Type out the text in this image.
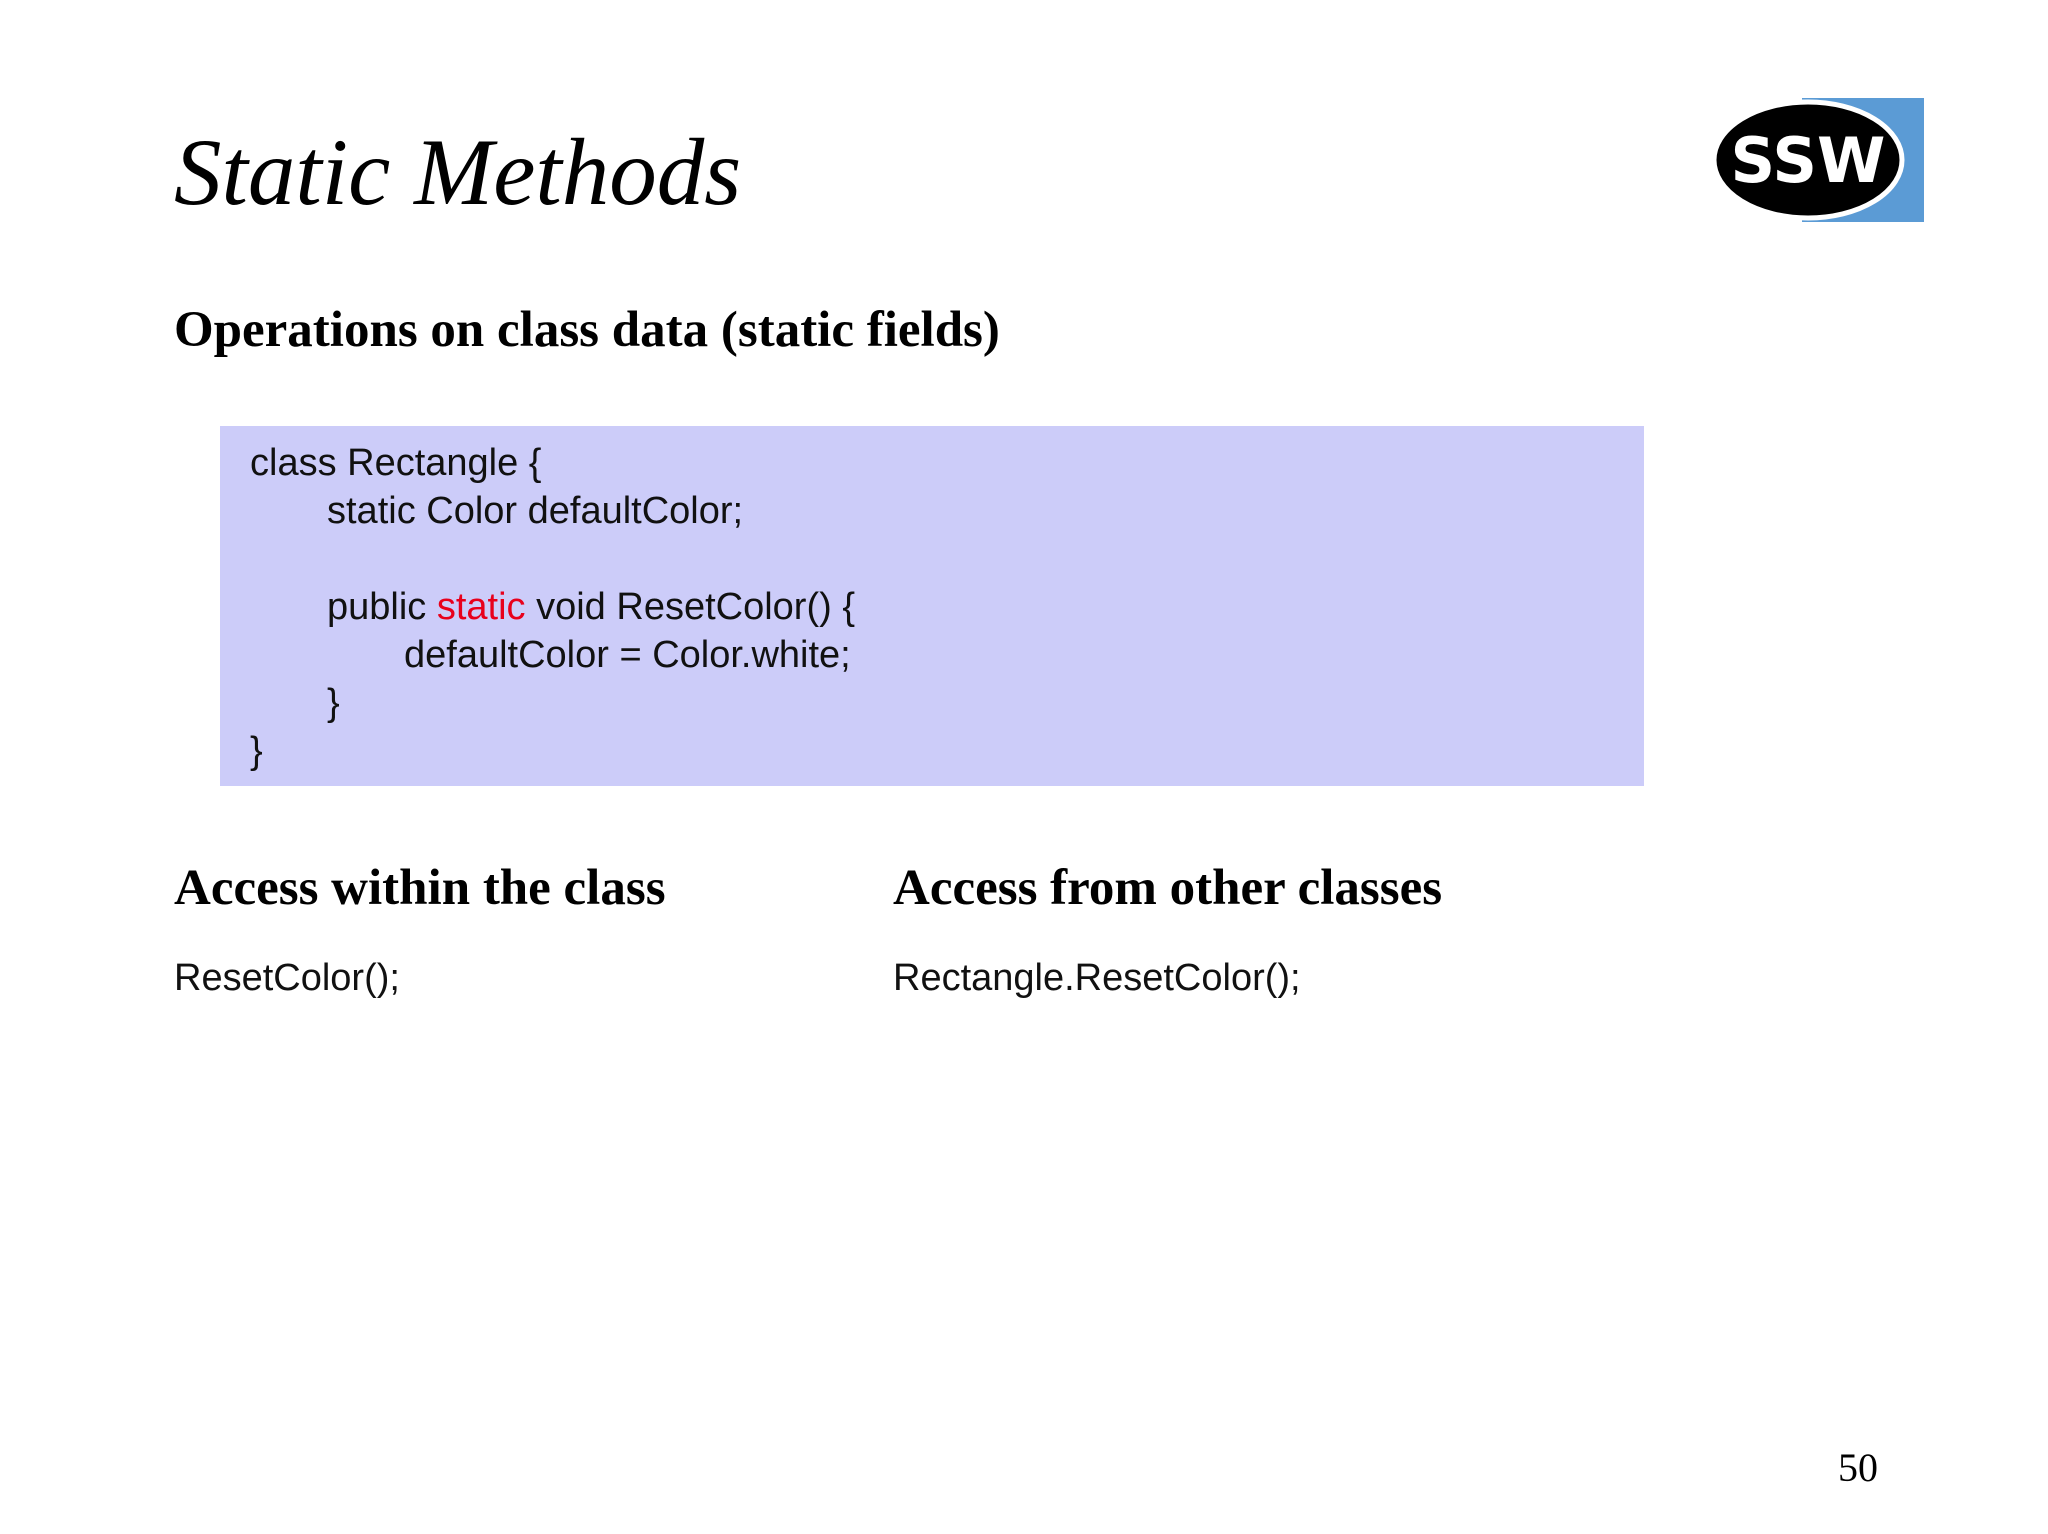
Static Methods	SSW
Operations on class data (static fields)
class Rectangle {
static Color defaultColor;
public static void ResetColor() {
defaultColor = Color.white;
}
}
Access within the class	Access from other classes
ResetColor();	Rectangle.ResetColor();
50
